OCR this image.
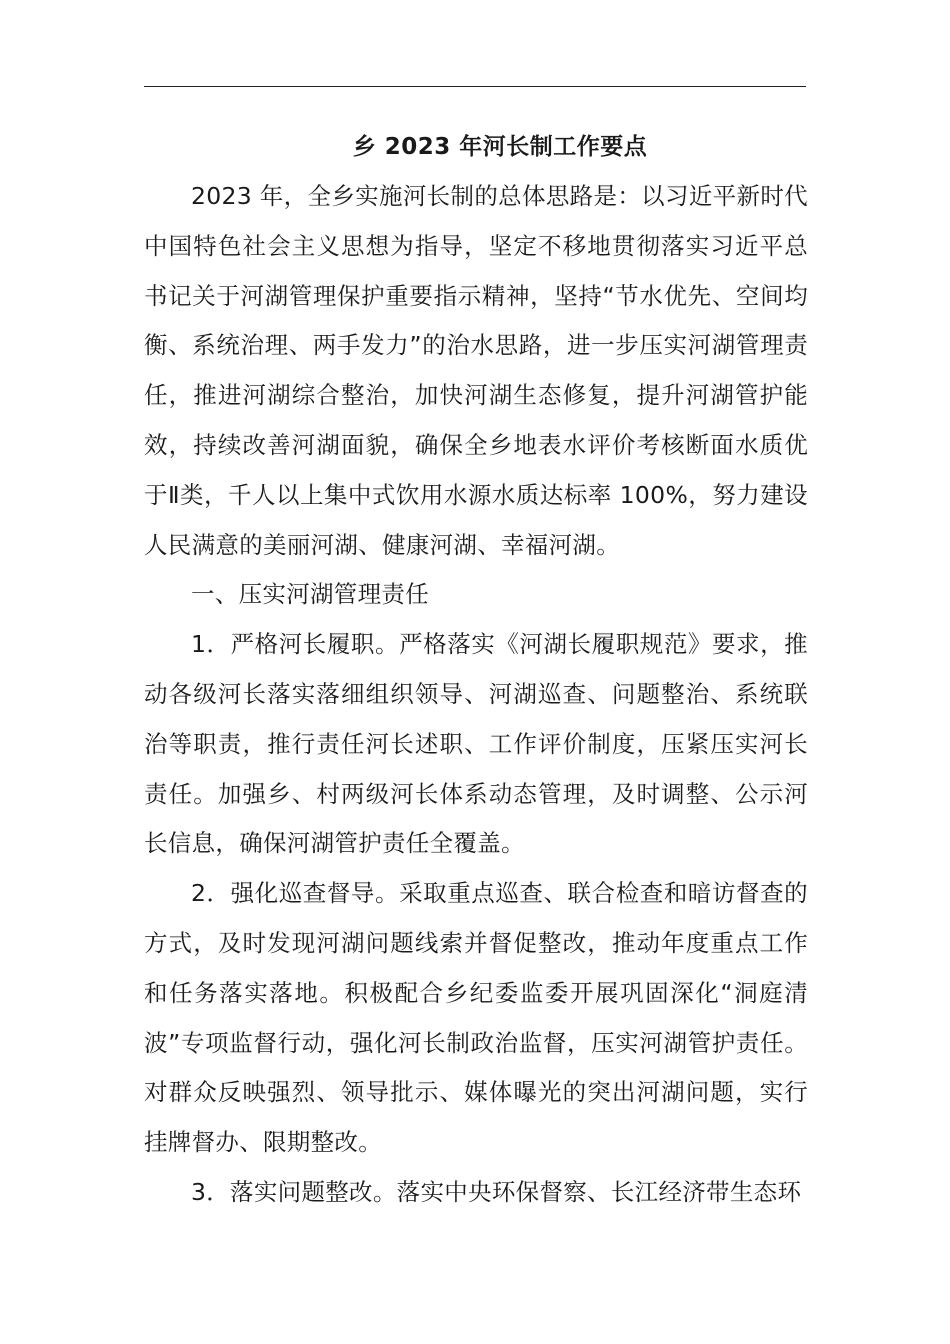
乡 2023 年河长制工作要点

2023 年，全乡实施河长制的总体思路是：以习近平新时代中国特色社会主义思想为指导，坚定不移地贯彻落实习近平总书记关于河湖管理保护重要指示精神，坚持“节水优先、空间均衡、系统治理、两手发力”的治水思路，进一步压实河湖管理责任，推进河湖综合整治，加快河湖生态修复，提升河湖管护能效，持续改善河湖面貌，确保全乡地表水评价考核断面水质优于Ⅱ类，千人以上集中式饮用水源水质达标率 100%，努力建设人民满意的美丽河湖、健康河湖、幸福河湖。

一、压实河湖管理责任

1．严格河长履职。严格落实《河湖长履职规范》要求，推动各级河长落实落细组织领导、河湖巡查、问题整治、系统联治等职责，推行责任河长述职、工作评价制度，压紧压实河长责任。加强乡、村两级河长体系动态管理，及时调整、公示河长信息，确保河湖管护责任全覆盖。

2．强化巡查督导。采取重点巡查、联合检查和暗访督查的方式，及时发现河湖问题线索并督促整改，推动年度重点工作和任务落实落地。积极配合乡纪委监委开展巩固深化“洞庭清波”专项监督行动，强化河长制政治监督，压实河湖管护责任。对群众反映强烈、领导批示、媒体曝光的突出河湖问题，实行挂牌督办、限期整改。

3．落实问题整改。落实中央环保督察、长江经济带生态环
